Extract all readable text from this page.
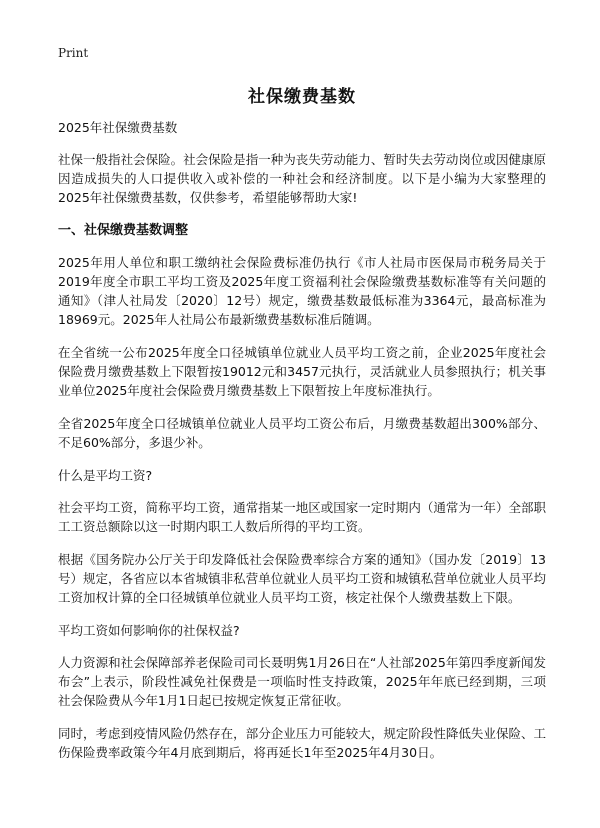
Print
社保缴费基数

2025年社保缴费基数

社保一般指社会保险。社会保险是指一种为丧失劳动能力、暂时失去劳动岗位或因健康原因造成损失的人口提供收入或补偿的一种社会和经济制度。以下是小编为大家整理的2025年社保缴费基数，仅供参考，希望能够帮助大家!

一、社保缴费基数调整

2025年用人单位和职工缴纳社会保险费标准仍执行《市人社局市医保局市税务局关于2019年度全市职工平均工资及2025年度工资福利社会保险缴费基数标准等有关问题的通知》（津人社局发〔2020〕12号）规定，缴费基数最低标准为3364元，最高标准为18969元。2025年人社局公布最新缴费基数标准后随调。

在全省统一公布2025年度全口径城镇单位就业人员平均工资之前，企业2025年度社会保险费月缴费基数上下限暂按19012元和3457元执行，灵活就业人员参照执行；机关事业单位2025年度社会保险费月缴费基数上下限暂按上年度标准执行。

全省2025年度全口径城镇单位就业人员平均工资公布后，月缴费基数超出300%部分、不足60%部分，多退少补。

什么是平均工资?

社会平均工资，简称平均工资，通常指某一地区或国家一定时期内（通常为一年）全部职工工资总额除以这一时期内职工人数后所得的平均工资。

根据《国务院办公厅关于印发降低社会保险费率综合方案的通知》（国办发〔2019〕13号）规定，各省应以本省城镇非私营单位就业人员平均工资和城镇私营单位就业人员平均工资加权计算的全口径城镇单位就业人员平均工资，核定社保个人缴费基数上下限。

平均工资如何影响你的社保权益?

人力资源和社会保障部养老保险司司长聂明隽1月26日在“人社部2025年第四季度新闻发布会”上表示，阶段性减免社保费是一项临时性支持政策，2025年年底已经到期，三项社会保险费从今年1月1日起已按规定恢复正常征收。

同时，考虑到疫情风险仍然存在，部分企业压力可能较大，规定阶段性降低失业保险、工伤保险费率政策今年4月底到期后，将再延长1年至2025年4月30日。
